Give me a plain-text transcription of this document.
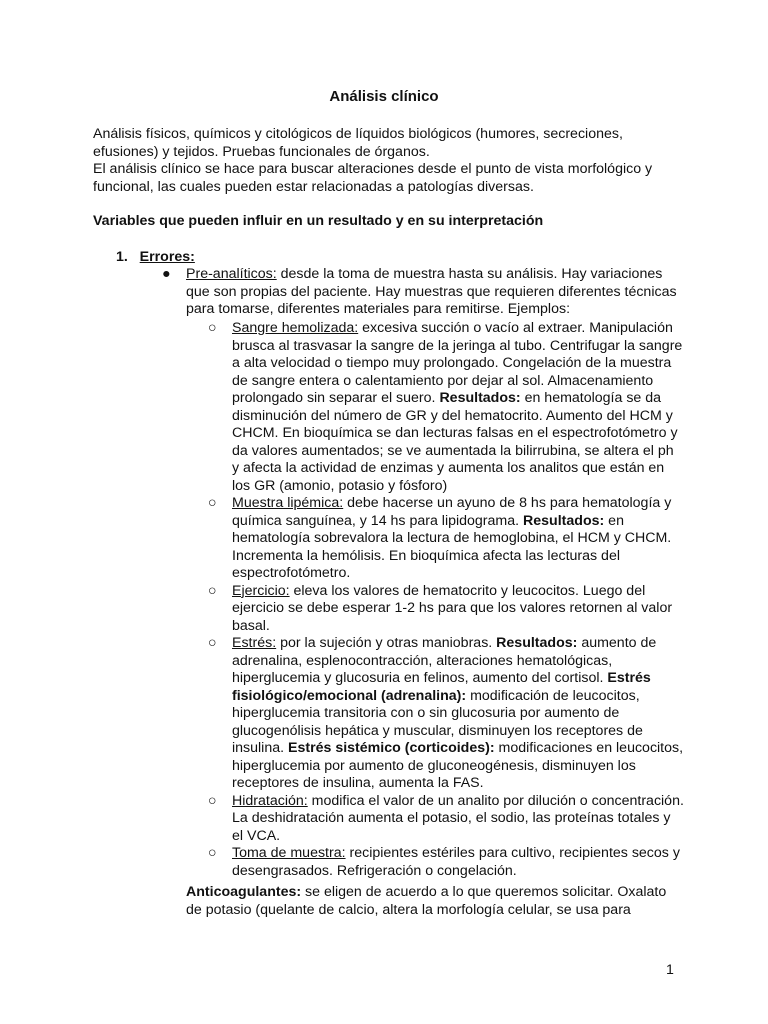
Análisis clínico
Análisis físicos, químicos y citológicos de líquidos biológicos (humores, secreciones, efusiones) y tejidos. Pruebas funcionales de órganos.
El análisis clínico se hace para buscar alteraciones desde el punto de vista morfológico y funcional, las cuales pueden estar relacionadas a patologías diversas.
Variables que pueden influir en un resultado y en su interpretación
1. Errores:
● Pre-analíticos: desde la toma de muestra hasta su análisis. Hay variaciones que son propias del paciente. Hay muestras que requieren diferentes técnicas para tomarse, diferentes materiales para remitirse. Ejemplos:
○ Sangre hemolizada: excesiva succión o vacío al extraer. Manipulación brusca al trasvasar la sangre de la jeringa al tubo. Centrifugar la sangre a alta velocidad o tiempo muy prolongado. Congelación de la muestra de sangre entera o calentamiento por dejar al sol. Almacenamiento prolongado sin separar el suero. Resultados: en hematología se da disminución del número de GR y del hematocrito. Aumento del HCM y CHCM. En bioquímica se dan lecturas falsas en el espectrofotómetro y da valores aumentados; se ve aumentada la bilirrubina, se altera el ph y afecta la actividad de enzimas y aumenta los analitos que están en los GR (amonio, potasio y fósforo)
○ Muestra lipémica: debe hacerse un ayuno de 8 hs para hematología y química sanguínea, y 14 hs para lipidograma. Resultados: en hematología sobrevalora la lectura de hemoglobina, el HCM y CHCM. Incrementa la hemólisis. En bioquímica afecta las lecturas del espectrofotómetro.
○ Ejercicio: eleva los valores de hematocrito y leucocitos. Luego del ejercicio se debe esperar 1-2 hs para que los valores retornen al valor basal.
○ Estrés: por la sujeción y otras maniobras. Resultados: aumento de adrenalina, esplenocontracción, alteraciones hematológicas, hiperglucemia y glucosuria en felinos, aumento del cortisol. Estrés fisiológico/emocional (adrenalina): modificación de leucocitos, hiperglucemia transitoria con o sin glucosuria por aumento de glucogenólisis hepática y muscular, disminuyen los receptores de insulina. Estrés sistémico (corticoides): modificaciones en leucocitos, hiperglucemia por aumento de gluconeogénesis, disminuyen los receptores de insulina, aumenta la FAS.
○ Hidratación: modifica el valor de un analito por dilución o concentración. La deshidratación aumenta el potasio, el sodio, las proteínas totales y el VCA.
○ Toma de muestra: recipientes estériles para cultivo, recipientes secos y desengrasados. Refrigeración o congelación.
Anticoagulantes: se eligen de acuerdo a lo que queremos solicitar. Oxalato de potasio (quelante de calcio, altera la morfología celular, se usa para
1
